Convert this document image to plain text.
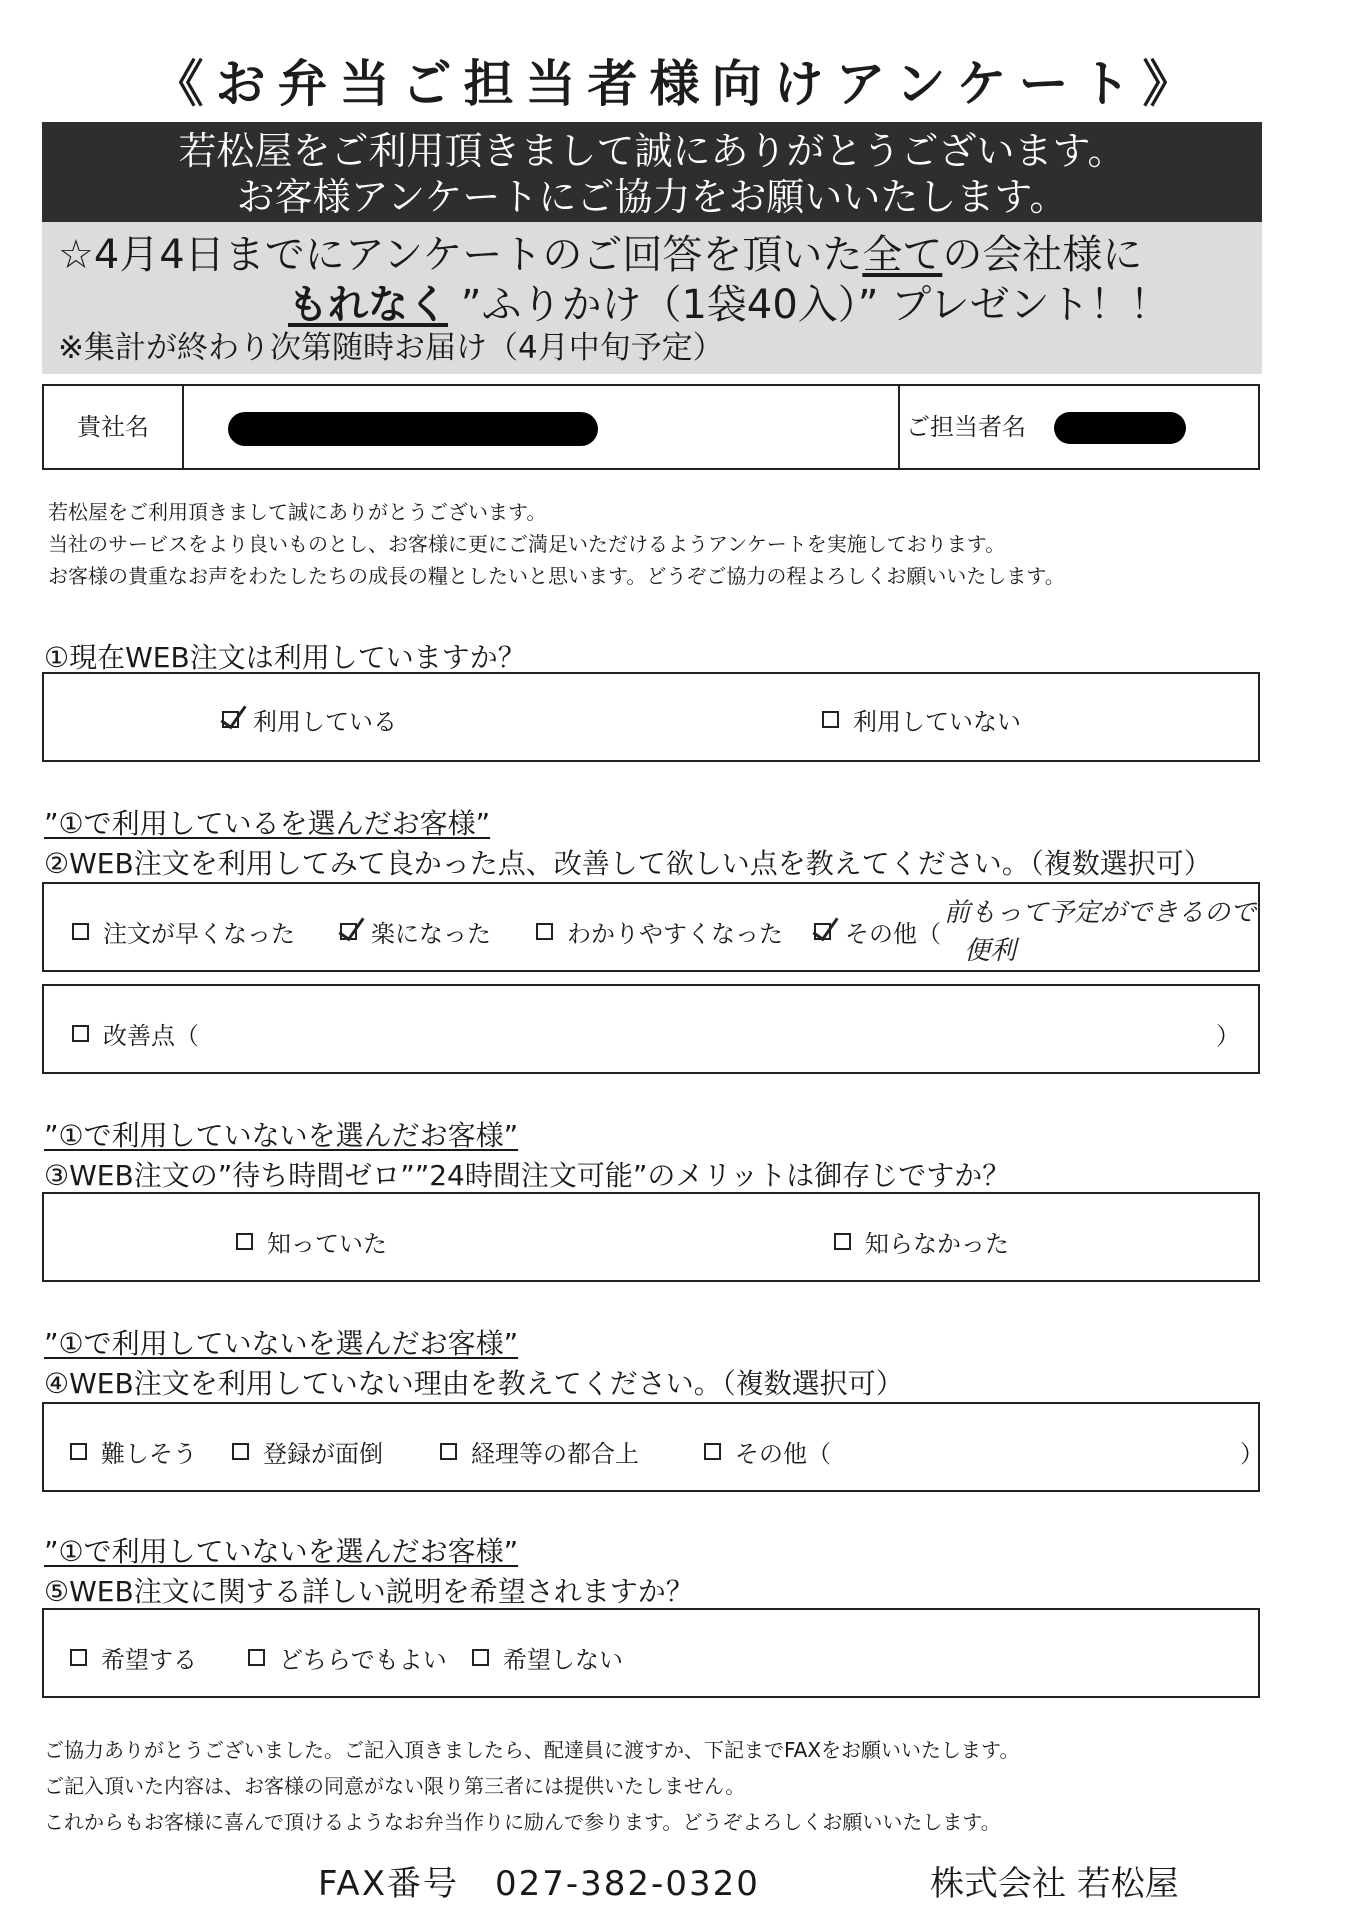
《お弁当ご担当者様向けアンケート》
若松屋をご利用頂きまして誠にありがとうございます。
お客様アンケートにご協力をお願いいたします。
☆4月4日までにアンケートのご回答を頂いた全ての会社様に
もれなく ”ふりかけ（1袋40入）” プレゼント！！
※集計が終わり次第随時お届け（4月中旬予定）
貴社名	ご担当者名
若松屋をご利用頂きまして誠にありがとうございます。
当社のサービスをより良いものとし、お客様に更にご満足いただけるようアンケートを実施しております。
お客様の貴重なお声をわたしたちの成長の糧としたいと思います。どうぞご協力の程よろしくお願いいたします。
①現在WEB注文は利用していますか？
利用している	利用していない
”①で利用しているを選んだお客様”
②WEB注文を利用してみて良かった点、改善して欲しい点を教えてください。（複数選択可）
注文が早くなった	楽になった	わかりやすくなった	その他（
前もって予定ができるので
便利
改善点（	）
”①で利用していないを選んだお客様”
③WEB注文の”待ち時間ゼロ””24時間注文可能”のメリットは御存じですか？
知っていた	知らなかった
”①で利用していないを選んだお客様”
④WEB注文を利用していない理由を教えてください。（複数選択可）
難しそう	登録が面倒	経理等の都合上	その他（	）
”①で利用していないを選んだお客様”
⑤WEB注文に関する詳しい説明を希望されますか？
希望する	どちらでもよい 希望しない
ご協力ありがとうございました。ご記入頂きましたら、配達員に渡すか、下記までFAXをお願いいたします。
ご記入頂いた内容は、お客様の同意がない限り第三者には提供いたしません。
これからもお客様に喜んで頂けるようなお弁当作りに励んで参ります。どうぞよろしくお願いいたします。
FAX番号　027-382-0320	株式会社 若松屋
